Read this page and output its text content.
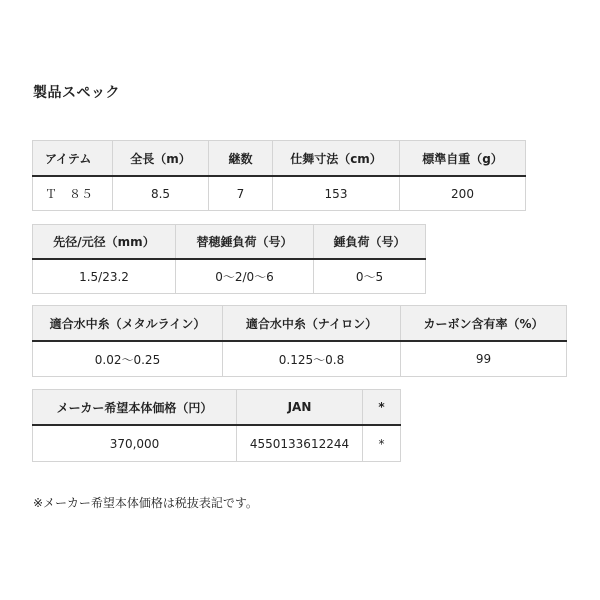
製品スペック
アイテム	全長（m）	継数	仕舞寸法（cm）	標準自重（g）
Ｔ　８５	8.5	7	153	200
先径/元径（mm）	替穂錘負荷（号）	錘負荷（号）
1.5/23.2	0〜2/0〜6	0〜5
適合水中糸（メタルライン）	適合水中糸（ナイロン）	カーボン含有率（%）
0.02〜0.25	0.125〜0.8	99
メーカー希望本体価格（円）	JAN	*
370,000	4550133612244	*
※メーカー希望本体価格は税抜表記です。
